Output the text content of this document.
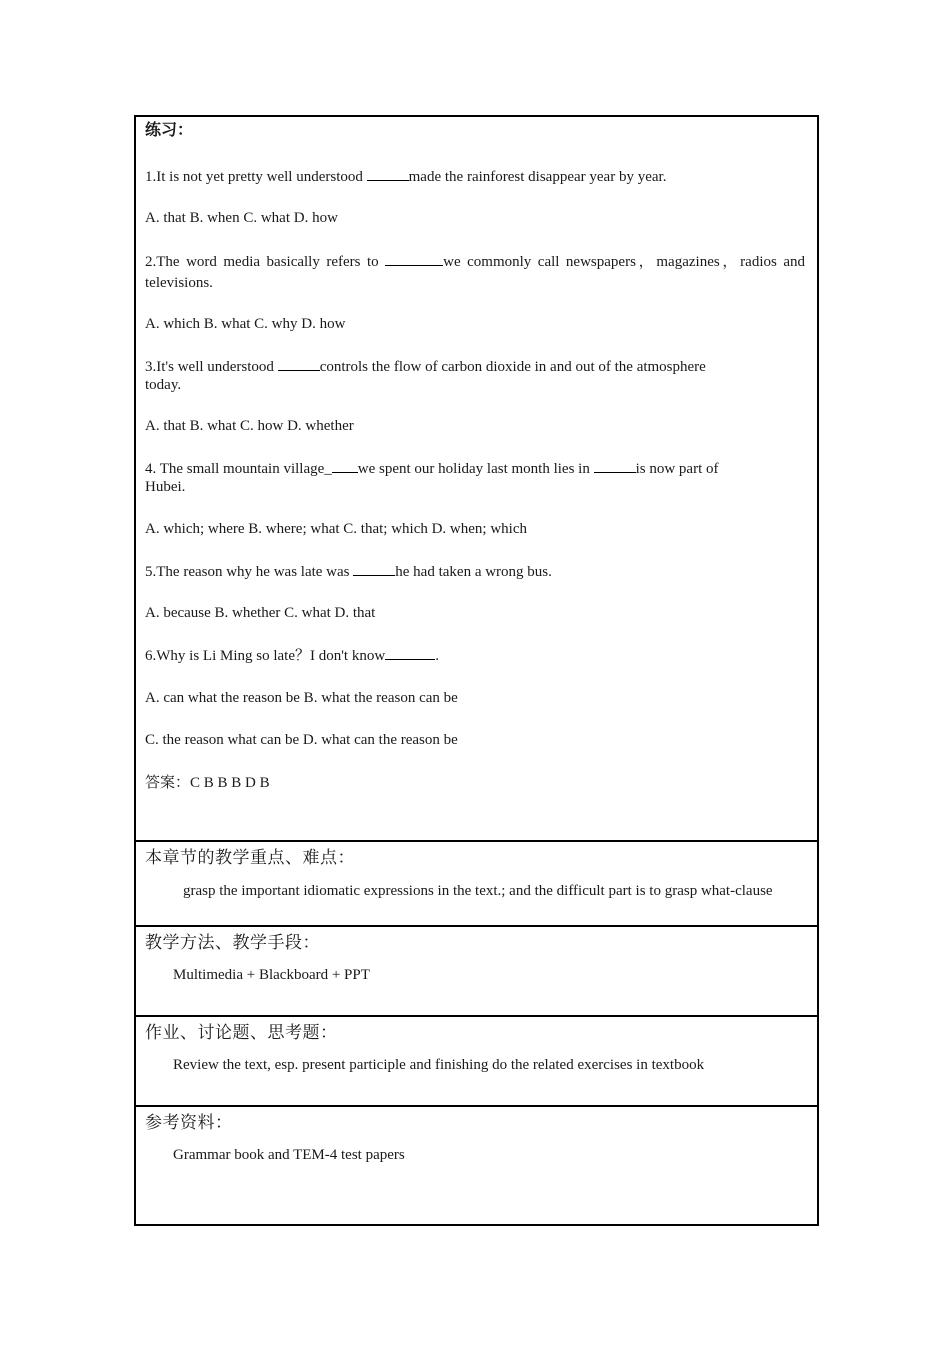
练习：
1.It is not yet pretty well understood	made the rainforest disappear year by year.
A. that B. when C. what D. how
2.The word media basically refers to	we commonly call newspapers，magazines，radios and televisions.
A. which B. what C. why D. how
3.It's well understood	controls the flow of carbon dioxide in and out of the atmosphere
today.
A. that B. what C. how D. whether
4. The small mountain village_ we spent our holiday last month lies in	is now part of
Hubei.
A. which; where B. where; what C. that; which D. when; which
5.The reason why he was late was	he had taken a wrong bus.
A. because B. whether C. what D. that
6.Why is Li Ming so late？I don't know	.
A. can what the reason be B. what the reason can be
C. the reason what can be D. what can the reason be
答案：C B B B D B
本章节的教学重点、难点：
grasp the important idiomatic expressions in the text.; and the difficult part is to grasp what-clause
教学方法、教学手段：
Multimedia + Blackboard + PPT
作业、讨论题、思考题：
Review the text, esp. present participle and finishing do the related exercises in textbook
参考资料：
Grammar book and TEM-4 test papers
